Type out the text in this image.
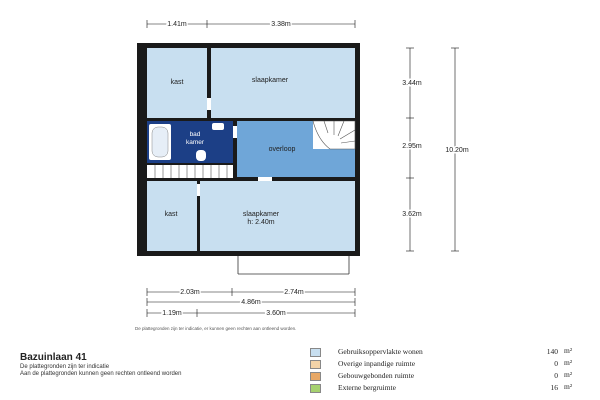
kast	slaapkamer
bad
kamer
overloop
kast	slaapkamer
h: 2.40m
1.41m	3.38m
3.44m
2.95m
3.62m
10.20m
2.03m	2.74m
4.86m
1.19m	3.60m
De plattegronden zijn ter indicatie, er kunnen geen rechten aan ontleend worden.
Bazuinlaan 41
De plattegronden zijn ter indicatie
Aan de plattegronden kunnen geen rechten ontleend worden
Gebruiksoppervlakte wonen	140 m²
Overige inpandige ruimte	0 m²
Gebouwgebonden ruimte	0 m²
Externe bergruimte	16 m²
